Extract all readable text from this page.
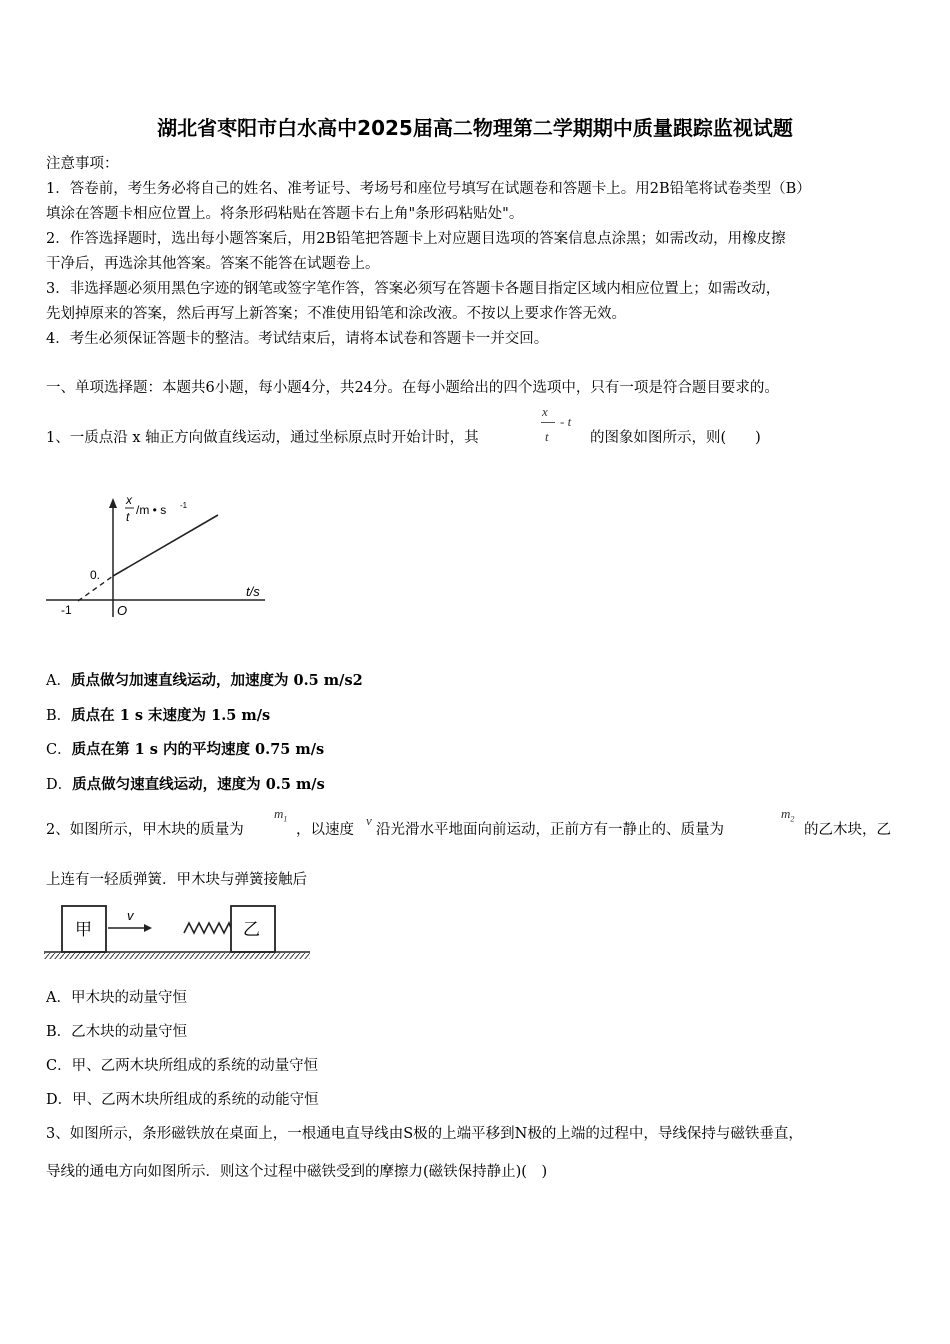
湖北省枣阳市白水高中2025届高二物理第二学期期中质量跟踪监视试题
注意事项：
1．答卷前，考生务必将自己的姓名、准考证号、考场号和座位号填写在试题卷和答题卡上。用2B铅笔将试卷类型（B）
填涂在答题卡相应位置上。将条形码粘贴在答题卡右上角"条形码粘贴处"。
2．作答选择题时，选出每小题答案后，用2B铅笔把答题卡上对应题目选项的答案信息点涂黑；如需改动，用橡皮擦
干净后，再选涂其他答案。答案不能答在试题卷上。
3．非选择题必须用黑色字迹的钢笔或签字笔作答，答案必须写在答题卡各题目指定区域内相应位置上；如需改动，
先划掉原来的答案，然后再写上新答案；不准使用铅笔和涂改液。不按以上要求作答无效。
4．考生必须保证答题卡的整洁。考试结束后，请将本试卷和答题卡一并交回。
一、单项选择题：本题共6小题，每小题4分，共24分。在每小题给出的四个选项中，只有一项是符合题目要求的。
1、一质点沿 x 轴正方向做直线运动，通过坐标原点时开始计时，其
x
t
- t
的图象如图所示，则(　　)
x
t /m • s -1
0.
t/s
-1	O
A．质点做匀加速直线运动，加速度为 0.5 m/s2
B．质点在 1 s 末速度为 1.5 m/s
C．质点在第 1 s 内的平均速度 0.75 m/s
D．质点做匀速直线运动，速度为 0.5 m/s
2、如图所示，甲木块的质量为
$m_1$
，以速度
v
沿光滑水平地面向前运动，正前方有一静止的、质量为
$m_2$
的乙木块，乙
上连有一轻质弹簧．甲木块与弹簧接触后
甲
v
乙
A．甲木块的动量守恒
B．乙木块的动量守恒
C．甲、乙两木块所组成的系统的动量守恒
D．甲、乙两木块所组成的系统的动能守恒
3、如图所示，条形磁铁放在桌面上，一根通电直导线由S极的上端平移到N极的上端的过程中，导线保持与磁铁垂直，
导线的通电方向如图所示．则这个过程中磁铁受到的摩擦力(磁铁保持静止)(　)
